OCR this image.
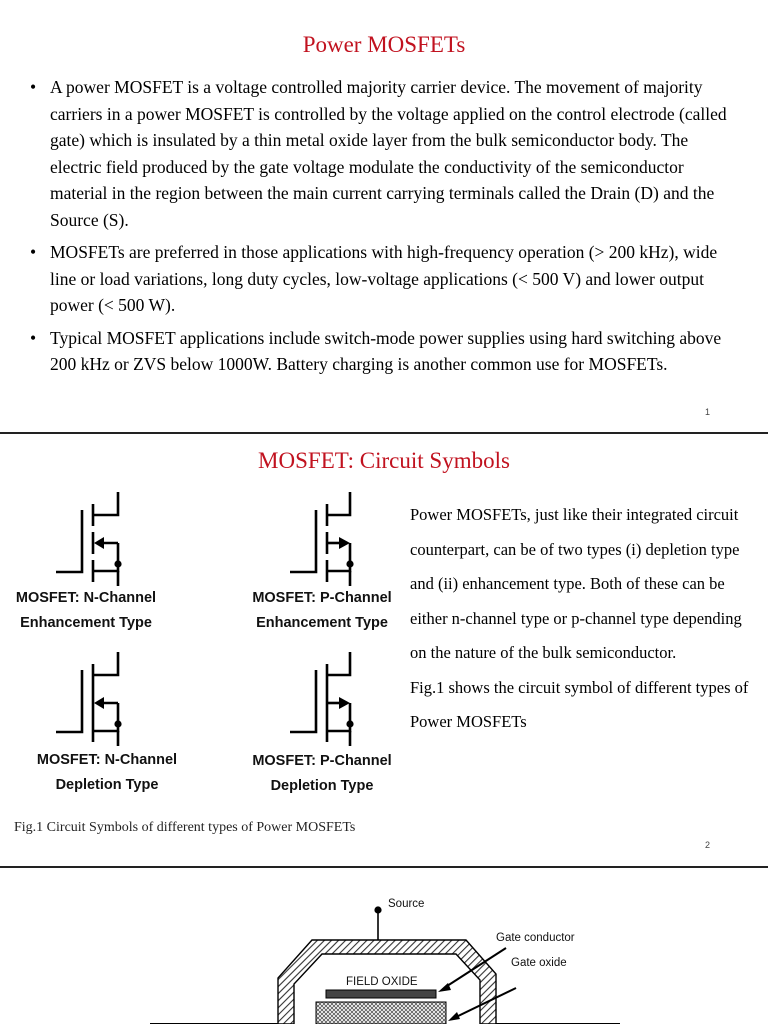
Power MOSFETs
• A power MOSFET is a voltage controlled majority carrier device. The movement of majority carriers in a power MOSFET is controlled by the voltage applied on the control electrode (called gate) which is insulated by a thin metal oxide layer from the bulk semiconductor body. The electric field produced by the gate voltage modulate the conductivity of the semiconductor material in the region between the main current carrying terminals called the Drain (D) and the Source (S).
• MOSFETs are preferred in those applications with high-frequency operation (> 200 kHz), wide line or load variations, long duty cycles, low-voltage applications (< 500 V) and lower output power (< 500 W).
• Typical MOSFET applications include switch-mode power supplies using hard switching above 200 kHz or ZVS below 1000W. Battery charging is another common use for MOSFETs.
1
MOSFET: Circuit Symbols
MOSFET: N-Channel
Enhancement Type
MOSFET: P-Channel
Enhancement Type
MOSFET: N-Channel
Depletion Type
MOSFET: P-Channel
Depletion Type
Power MOSFETs, just like their integrated circuit counterpart, can be of two types (i) depletion type and (ii) enhancement type. Both of these can be either n-channel type or p-channel type depending on the nature of the bulk semiconductor.
Fig.1 shows the circuit symbol of different types of Power MOSFETs
Fig.1 Circuit Symbols of different types of Power MOSFETs
2
Source
Gate conductor
Gate oxide
FIELD OXIDE
